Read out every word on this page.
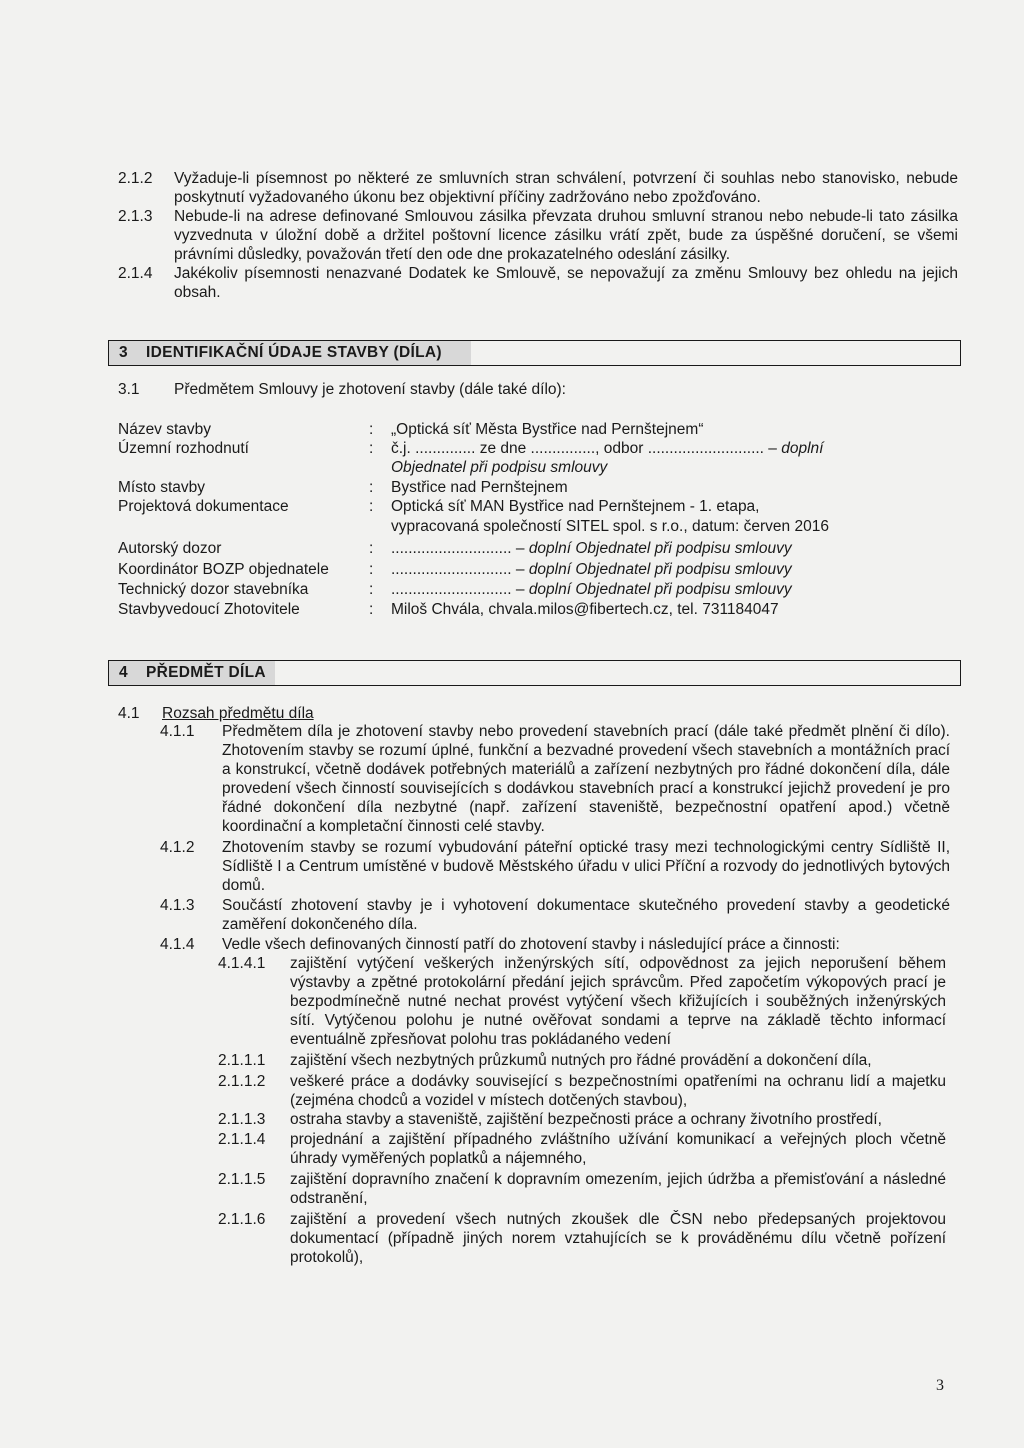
2.1.2 Vyžaduje-li písemnost po některé ze smluvních stran schválení, potvrzení či souhlas nebo stanovisko, nebude poskytnutí vyžadovaného úkonu bez objektivní příčiny zadržováno nebo zpožďováno.
2.1.3 Nebude-li na adrese definované Smlouvou zásilka převzata druhou smluvní stranou nebo nebude-li tato zásilka vyzvednuta v úložní době a držitel poštovní licence zásilku vrátí zpět, bude za úspěšné doručení, se všemi právními důsledky, považován třetí den ode dne prokazatelného odeslání zásilky.
2.1.4 Jakékoliv písemnosti nenazvané Dodatek ke Smlouvě, se nepovažují za změnu Smlouvy bez ohledu na jejich obsah.
3 IDENTIFIKAČNÍ ÚDAJE STAVBY (DÍLA)
3.1 Předmětem Smlouvy je zhotovení stavby (dále také dílo):
Název stavby	: „Optická síť Města Bystřice nad Pernštejnem“
Územní rozhodnutí	: č.j. .............. ze dne ..............., odbor ........................... – doplní
Objednatel při podpisu smlouvy
Místo stavby	: Bystřice nad Pernštejnem
Projektová dokumentace	: Optická síť MAN Bystřice nad Pernštejnem - 1. etapa,
vypracovaná společností SITEL spol. s r.o., datum: červen 2016
Autorský dozor	: ............................ – doplní Objednatel při podpisu smlouvy
Koordinátor BOZP objednatele	: ............................ – doplní Objednatel při podpisu smlouvy
Technický dozor stavebníka	: ............................ – doplní Objednatel při podpisu smlouvy
Stavbyvedoucí Zhotovitele	: Miloš Chvála, chvala.milos@fibertech.cz, tel. 731184047
4 PŘEDMĚT DÍLA
4.1 Rozsah předmětu díla
4.1.1 Předmětem díla je zhotovení stavby nebo provedení stavebních prací (dále také předmět plnění či dílo). Zhotovením stavby se rozumí úplné, funkční a bezvadné provedení všech stavebních a montážních prací a konstrukcí, včetně dodávek potřebných materiálů a zařízení nezbytných pro řádné dokončení díla, dále provedení všech činností souvisejících s dodávkou stavebních prací a konstrukcí jejichž provedení je pro řádné dokončení díla nezbytné (např. zařízení staveniště, bezpečnostní opatření apod.) včetně koordinační a kompletační činnosti celé stavby.
4.1.2 Zhotovením stavby se rozumí vybudování páteřní optické trasy mezi technologickými centry Sídliště II, Sídliště I a Centrum umístěné v budově Městského úřadu v ulici Příční a rozvody do jednotlivých bytových domů.
4.1.3 Součástí zhotovení stavby je i vyhotovení dokumentace skutečného provedení stavby a geodetické zaměření dokončeného díla.
4.1.4 Vedle všech definovaných činností patří do zhotovení stavby i následující práce a činnosti:
4.1.4.1 zajištění vytýčení veškerých inženýrských sítí, odpovědnost za jejich neporušení během výstavby a zpětné protokolární předání jejich správcům. Před započetím výkopových prací je bezpodmínečně nutné nechat provést vytýčení všech křižujících i souběžných inženýrských sítí. Vytýčenou polohu je nutné ověřovat sondami a teprve na základě těchto informací eventuálně zpřesňovat polohu tras pokládaného vedení
2.1.1.1 zajištění všech nezbytných průzkumů nutných pro řádné provádění a dokončení díla,
2.1.1.2 veškeré práce a dodávky související s bezpečnostními opatřeními na ochranu lidí a majetku (zejména chodců a vozidel v místech dotčených stavbou),
2.1.1.3 ostraha stavby a staveniště, zajištění bezpečnosti práce a ochrany životního prostředí,
2.1.1.4 projednání a zajištění případného zvláštního užívání komunikací a veřejných ploch včetně úhrady vyměřených poplatků a nájemného,
2.1.1.5 zajištění dopravního značení k dopravním omezením, jejich údržba a přemisťování a následné odstranění,
2.1.1.6 zajištění a provedení všech nutných zkoušek dle ČSN nebo předepsaných projektovou dokumentací (případně jiných norem vztahujících se k prováděnému dílu včetně pořízení protokolů),
3
